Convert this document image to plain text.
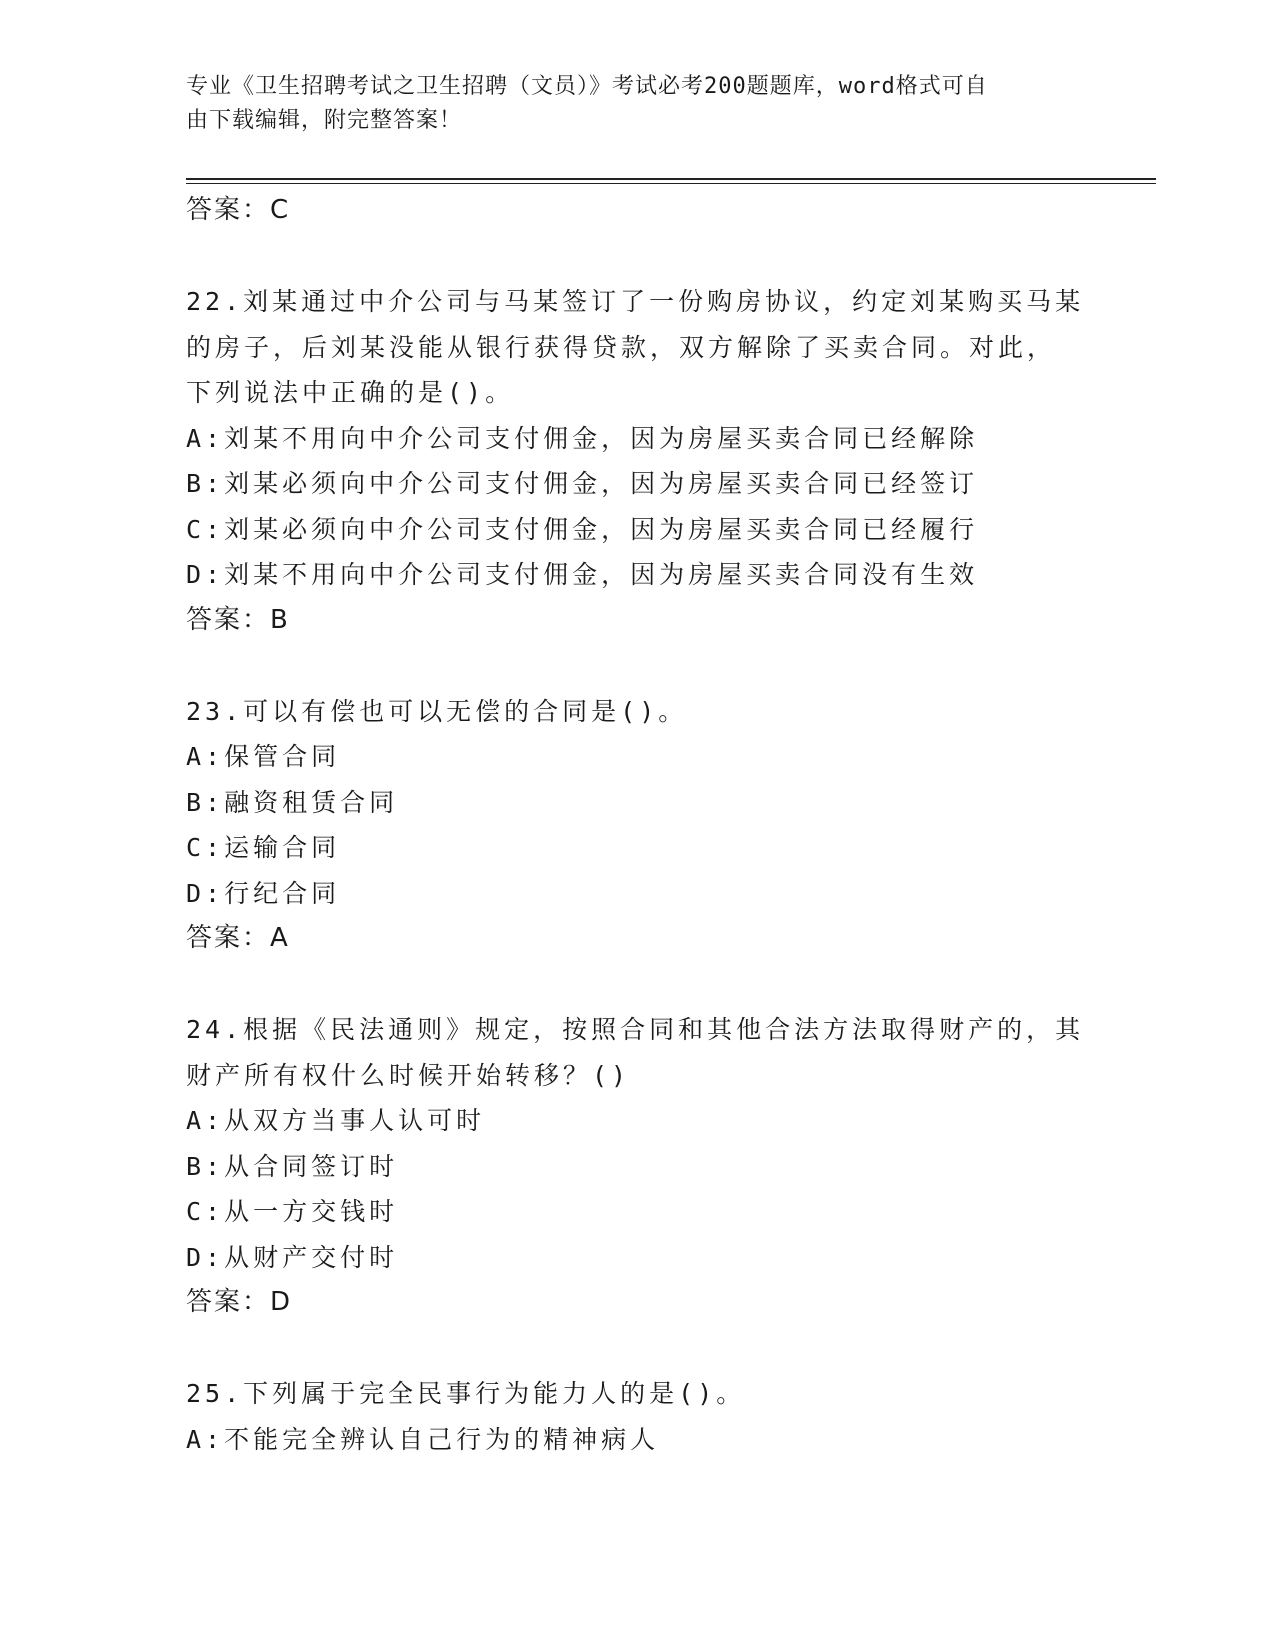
专业《卫生招聘考试之卫生招聘（文员）》考试必考200题题库，word格式可自
由下载编辑，附完整答案！
答案：C
22.刘某通过中介公司与马某签订了一份购房协议，约定刘某购买马某
的房子，后刘某没能从银行获得贷款，双方解除了买卖合同。对此，
下列说法中正确的是()。
A:刘某不用向中介公司支付佣金，因为房屋买卖合同已经解除
B:刘某必须向中介公司支付佣金，因为房屋买卖合同已经签订
C:刘某必须向中介公司支付佣金，因为房屋买卖合同已经履行
D:刘某不用向中介公司支付佣金，因为房屋买卖合同没有生效
答案：B
23.可以有偿也可以无偿的合同是()。
A:保管合同
B:融资租赁合同
C:运输合同
D:行纪合同
答案：A
24.根据《民法通则》规定，按照合同和其他合法方法取得财产的，其
财产所有权什么时候开始转移？()
A:从双方当事人认可时
B:从合同签订时
C:从一方交钱时
D:从财产交付时
答案：D
25.下列属于完全民事行为能力人的是()。
A:不能完全辨认自己行为的精神病人
